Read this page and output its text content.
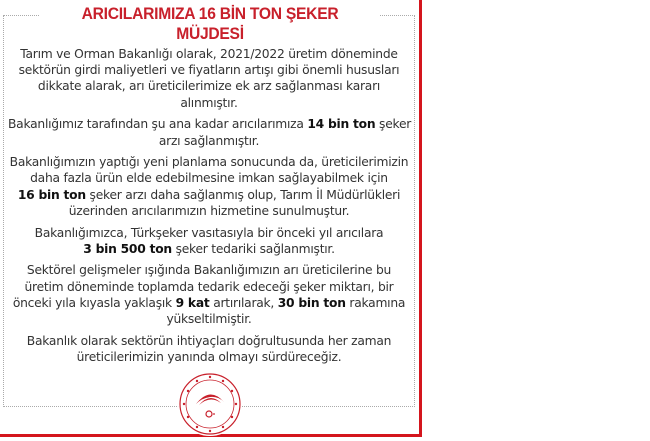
ARICILARIMIZA 16 BİN TON ŞEKER MÜJDESİ
Tarım ve Orman Bakanlığı olarak, 2021/2022 üretim döneminde
sektörün girdi maliyetleri ve fiyatların artışı gibi önemli hususları
dikkate alarak, arı üreticilerimize ek arz sağlanması kararı
alınmıştır.
Bakanlığımız tarafından şu ana kadar arıcılarımıza 14 bin ton şeker
arzı sağlanmıştır.
Bakanlığımızın yaptığı yeni planlama sonucunda da, üreticilerimizin
daha fazla ürün elde edebilmesine imkan sağlayabilmek için
16 bin ton şeker arzı daha sağlanmış olup, Tarım İl Müdürlükleri
üzerinden arıcılarımızın hizmetine sunulmuştur.
Bakanlığımızca, Türkşeker vasıtasıyla bir önceki yıl arıcılara
3 bin 500 ton şeker tedariki sağlanmıştır.
Sektörel gelişmeler ışığında Bakanlığımızın arı üreticilerine bu
üretim döneminde toplamda tedarik edeceği şeker miktarı, bir
önceki yıla kıyasla yaklaşık 9 kat artırılarak, 30 bin ton rakamına
yükseltilmiştir.
Bakanlık olarak sektörün ihtiyaçları doğrultusunda her zaman
üreticilerimizin yanında olmayı sürdüreceğiz.
